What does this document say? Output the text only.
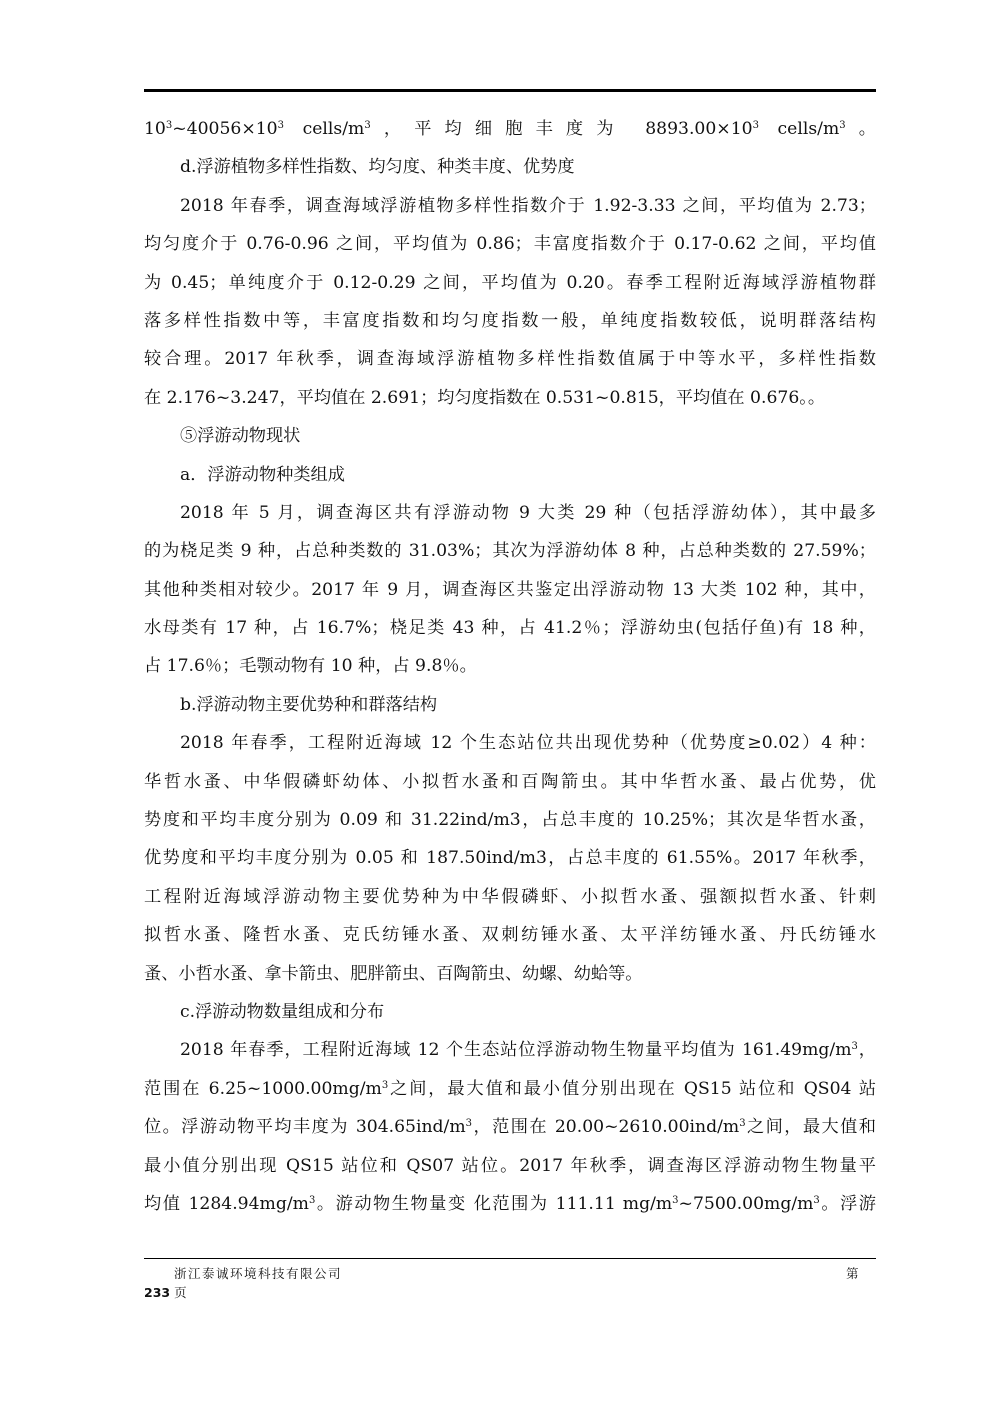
$10^3\sim 40056\times 10^3$ cells/$m^3$，平均细胞丰度为 $8893.00\times 10^3$ cells/$m^3$。
d.浮游植物多样性指数、均匀度、种类丰度、优势度
2018 年春季，调查海域浮游植物多样性指数介于 1.92-3.33 之间，平均值为 2.73；
均匀度介于 0.76-0.96 之间，平均值为 0.86；丰富度指数介于 0.17-0.62 之间，平均值
为 0.45；单纯度介于 0.12-0.29 之间，平均值为 0.20。春季工程附近海域浮游植物群
落多样性指数中等，丰富度指数和均匀度指数一般，单纯度指数较低，说明群落结构
较合理。2017 年秋季，调查海域浮游植物多样性指数值属于中等水平，多样性指数
在 2.176~3.247，平均值在 2.691；均匀度指数在 0.531~0.815，平均值在 0.676。。
⑤浮游动物现状
a．浮游动物种类组成
2018 年 5 月，调查海区共有浮游动物 9 大类 29 种（包括浮游幼体），其中最多
的为桡足类 9 种，占总种类数的 31.03%；其次为浮游幼体 8 种，占总种类数的 27.59%；
其他种类相对较少。2017 年 9 月，调查海区共鉴定出浮游动物 13 大类 102 种，其中，
水母类有 17 种，占 16.7%；桡足类 43 种，占 41.2％；浮游幼虫(包括仔鱼)有 18 种，
占 17.6％；毛颚动物有 10 种，占 9.8％。
b.浮游动物主要优势种和群落结构
2018 年春季，工程附近海域 12 个生态站位共出现优势种（优势度≥0.02）4 种：
华哲水蚤、中华假磷虾幼体、小拟哲水蚤和百陶箭虫。其中华哲水蚤、最占优势，优
势度和平均丰度分别为 0.09 和 31.22ind/m3，占总丰度的 10.25%；其次是华哲水蚤，
优势度和平均丰度分别为 0.05 和 187.50ind/m3，占总丰度的 61.55%。2017 年秋季，
工程附近海域浮游动物主要优势种为中华假磷虾、小拟哲水蚤、强额拟哲水蚤、针刺
拟哲水蚤、隆哲水蚤、克氏纺锤水蚤、双刺纺锤水蚤、太平洋纺锤水蚤、丹氏纺锤水
蚤、小哲水蚤、拿卡箭虫、肥胖箭虫、百陶箭虫、幼螺、幼蛤等。
c.浮游动物数量组成和分布
2018 年春季，工程附近海域 12 个生态站位浮游动物生物量平均值为 $161.49mg/m^3$，
范围在 $6.25\sim 1000.00mg/m^3$之间，最大值和最小值分别出现在 QS15 站位和 QS04 站
位。浮游动物平均丰度为 $304.65ind/m^3$，范围在 $20.00\sim 2610.00ind/m^3$之间，最大值和
最小值分别出现 QS15 站位和 QS07 站位。2017 年秋季，调查海区浮游动物生物量平
均值 $1284.94mg/m^3$。游动物生物量变 化范围为 111.11 $mg/m^3\sim 7500.00mg/m^3$。浮游
浙江泰诚环境科技有限公司	第
233 页
